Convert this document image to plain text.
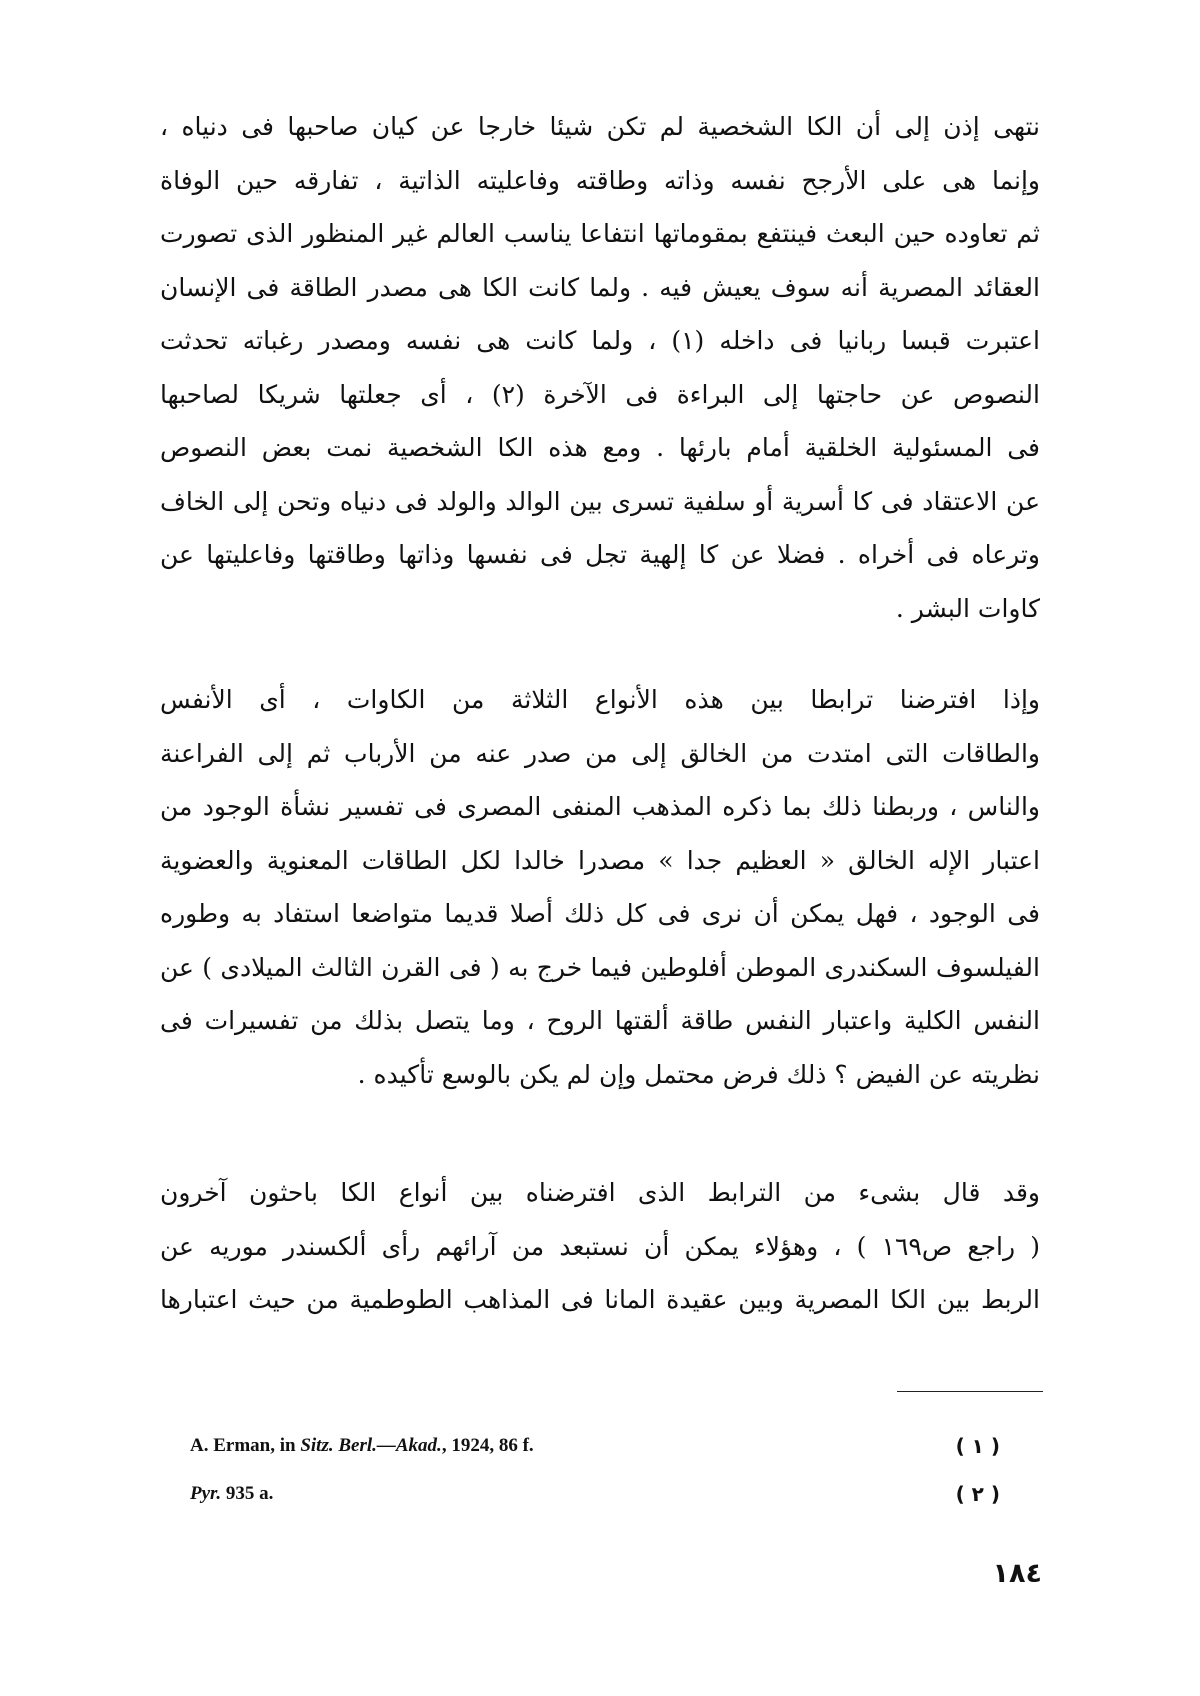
نتهى إذن إلى أن الكا الشخصية لم تكن شيئا خارجا عن كيان صاحبها فى دنياه ،
وإنما هى على الأرجح نفسه وذاته وطاقته وفاعليته الذاتية ، تفارقه حين الوفاة
ثم تعاوده حين البعث فينتفع بمقوماتها انتفاعا يناسب العالم غير المنظور الذى تصورت
العقائد المصرية أنه سوف يعيش فيه . ولما كانت الكا هى مصدر الطاقة فى الإنسان
اعتبرت قبسا ربانيا فى داخله (١) ، ولما كانت هى نفسه ومصدر رغباته تحدثت
النصوص عن حاجتها إلى البراءة فى الآخرة (٢) ، أى جعلتها شريكا لصاحبها
فى المسئولية الخلقية أمام بارئها . ومع هذه الكا الشخصية نمت بعض النصوص
عن الاعتقاد فى كا أسرية أو سلفية تسرى بين الوالد والولد فى دنياه وتحن إلى الخاف
وترعاه فى أخراه . فضلا عن كا إلهية تجل فى نفسها وذاتها وطاقتها وفاعليتها عن
كاوات البشر .
وإذا افترضنا ترابطا بين هذه الأنواع الثلاثة من الكاوات ، أى الأنفس
والطاقات التى امتدت من الخالق إلى من صدر عنه من الأرباب ثم إلى الفراعنة
والناس ، وربطنا ذلك بما ذكره المذهب المنفى المصرى فى تفسير نشأة الوجود من
اعتبار الإله الخالق « العظيم جدا » مصدرا خالدا لكل الطاقات المعنوية والعضوية
فى الوجود ، فهل يمكن أن نرى فى كل ذلك أصلا قديما متواضعا استفاد به وطوره
الفيلسوف السكندرى الموطن أفلوطين فيما خرج به ( فى القرن الثالث الميلادى ) عن
النفس الكلية واعتبار النفس طاقة ألقتها الروح ، وما يتصل بذلك من تفسيرات فى
نظريته عن الفيض ؟ ذلك فرض محتمل وإن لم يكن بالوسع تأكيده .
وقد قال بشىء من الترابط الذى افترضناه بين أنواع الكا باحثون آخرون
( راجع ص١٦٩ ) ، وهؤلاء يمكن أن نستبعد من آرائهم رأى ألكسندر موريه عن
الربط بين الكا المصرية وبين عقيدة المانا فى المذاهب الطوطمية من حيث اعتبارها
A. Erman, in Sitz. Berl.—Akad., 1924, 86 f.	( ١ )
Pyr. 935 a.	( ٢ )
١٨٤
